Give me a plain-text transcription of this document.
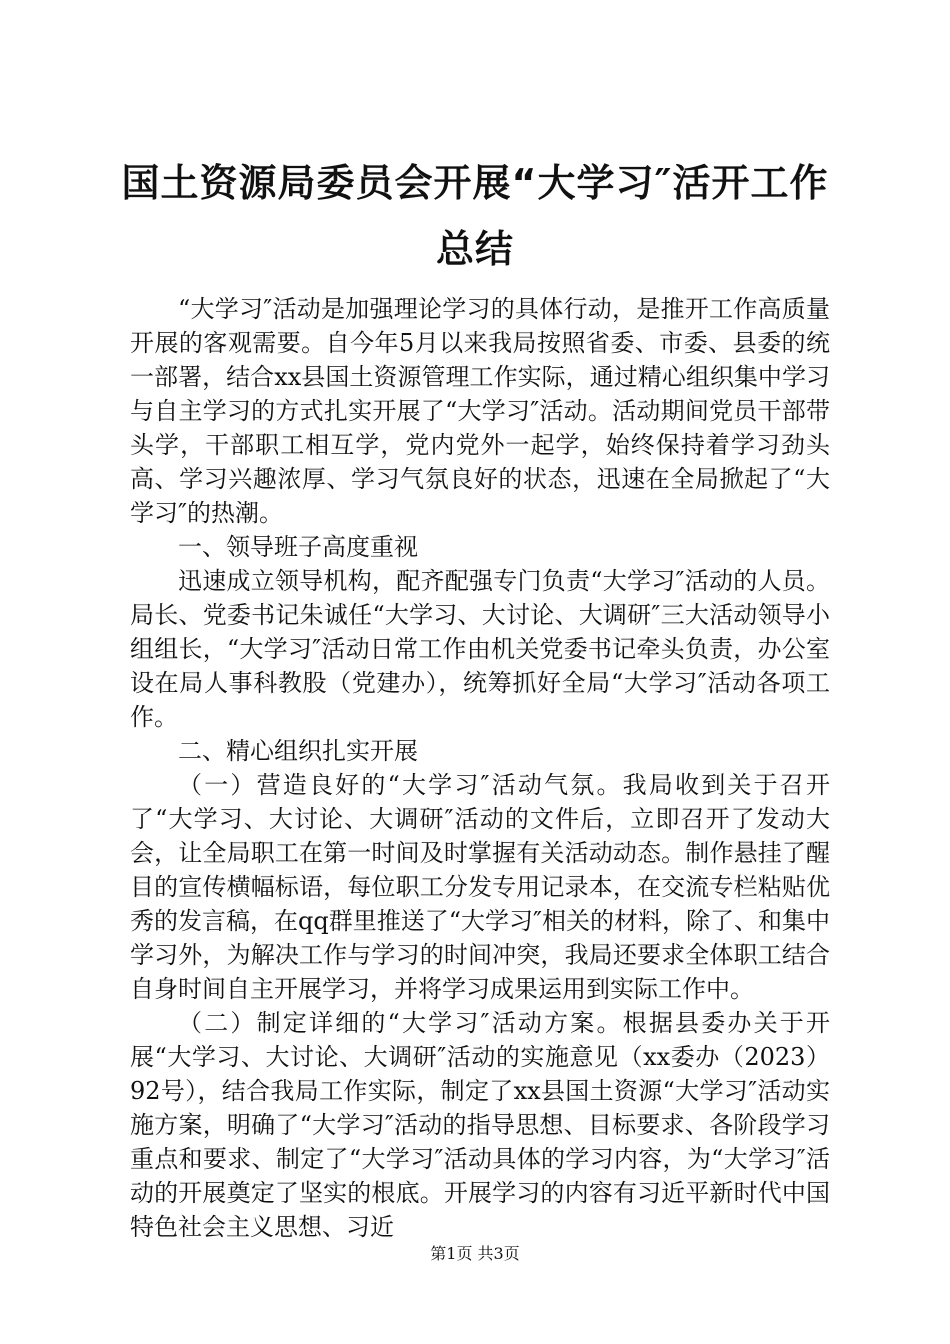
国土资源局委员会开展“大学习″活开工作总结

“大学习″活动是加强理论学习的具体行动，是推开工作高质量开展的客观需要。自今年5月以来我局按照省委、市委、县委的统一部署，结合xx县国土资源管理工作实际，通过精心组织集中学习与自主学习的方式扎实开展了“大学习″活动。活动期间党员干部带头学，干部职工相互学，党内党外一起学，始终保持着学习劲头高、学习兴趣浓厚、学习气氛良好的状态，迅速在全局掀起了“大学习″的热潮。

一、领导班子高度重视

迅速成立领导机构，配齐配强专门负责“大学习″活动的人员。局长、党委书记朱诚任“大学习、大讨论、大调研″三大活动领导小组组长，“大学习″活动日常工作由机关党委书记牵头负责，办公室设在局人事科教股（党建办），统筹抓好全局“大学习″活动各项工作。

二、精心组织扎实开展

（一）营造良好的“大学习″活动气氛。我局收到关于召开了“大学习、大讨论、大调研″活动的文件后，立即召开了发动大会，让全局职工在第一时间及时掌握有关活动动态。制作悬挂了醒目的宣传横幅标语，每位职工分发专用记录本，在交流专栏粘贴优秀的发言稿，在qq群里推送了“大学习″相关的材料，除了、和集中学习外，为解决工作与学习的时间冲突，我局还要求全体职工结合自身时间自主开展学习，并将学习成果运用到实际工作中。

（二）制定详细的“大学习″活动方案。根据县委办关于开展“大学习、大讨论、大调研″活动的实施意见（xx委办（2023）92号），结合我局工作实际，制定了xx县国土资源“大学习″活动实施方案，明确了“大学习″活动的指导思想、目标要求、各阶段学习重点和要求、制定了“大学习″活动具体的学习内容，为“大学习″活动的开展奠定了坚实的根底。开展学习的内容有习近平新时代中国特色社会主义思想、习近

第1页 共3页
